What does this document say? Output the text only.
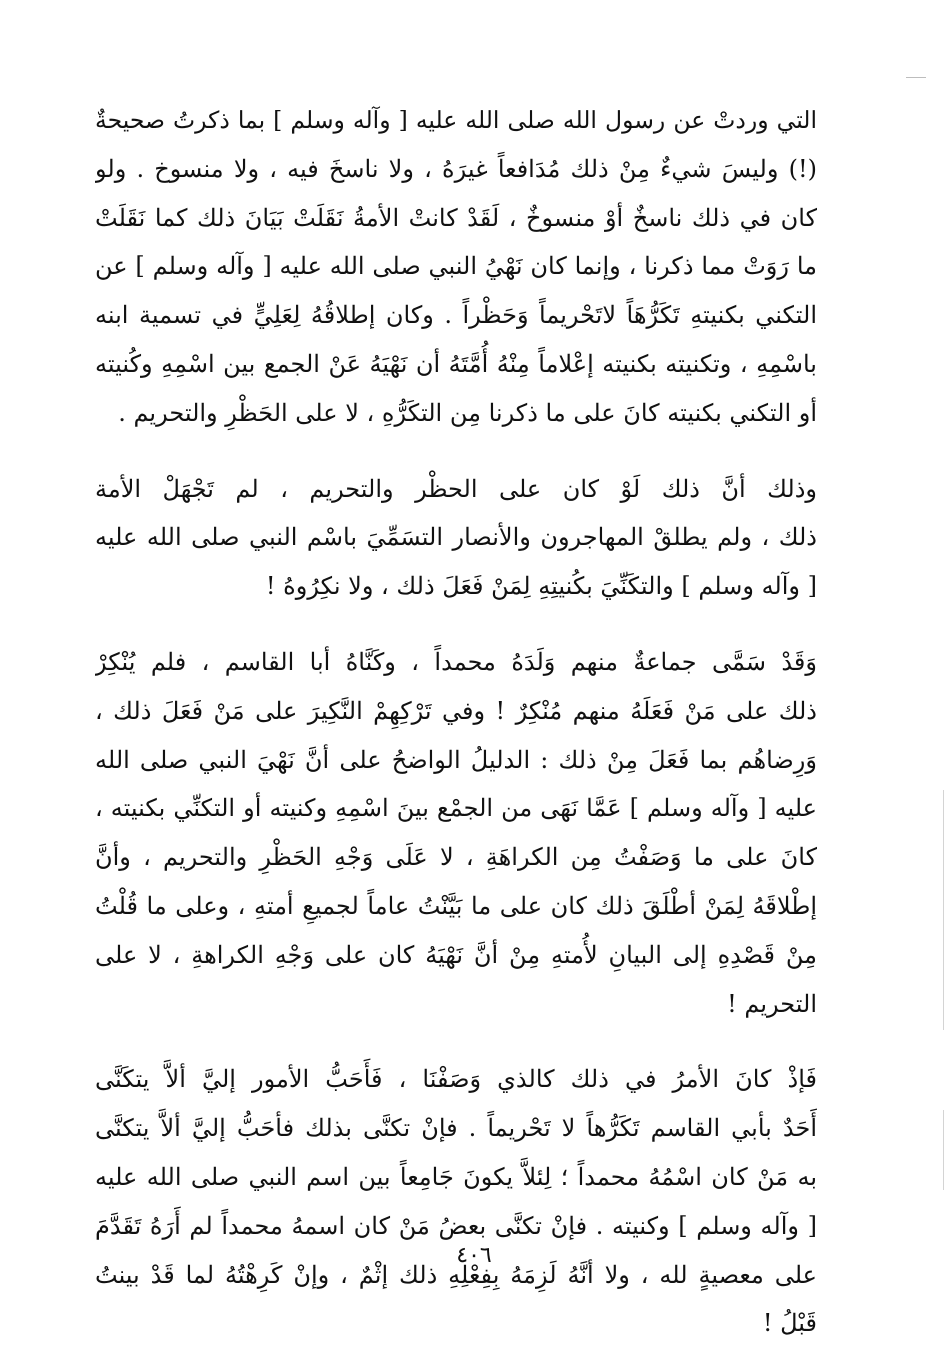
التي وردتْ عن رسول الله صلى الله عليه [ وآله وسلم ] بما ذكرتُ صحيحةٌ
(!) وليسَ شيءٌ مِنْ ذلك مُدَافعاً غيرَهُ ، ولا ناسخَ فيه ، ولا منسوخ . ولو
كان في ذلك ناسخٌ أوْ منسوخٌ ، لَقَدْ كانتْ الأمةُ نَقَلَتْ بَيَانَ ذلك كما نَقَلَتْ
ما رَوَتْ مما ذكرنا ، وإنما كان نَهْيُ النبي صلى الله عليه [ وآله وسلم ] عن
التكني بكنيتهِ تَكَرُّهَاً لاتَحْريماً وَحَظْراً . وكان إطلاقُهُ لِعَلِيٍّ في تسمية ابنه
باسْمِهِ ، وتكنيته بكنيته إعْلاماً مِنْهُ أُمَّتَهُ أن نَهْيَهُ عَنْ الجمع بين اسْمِهِ وكُنيته
أو التكني بكنيته كانَ على ما ذكرنا مِن التكَرُّهِ ، لا على الحَظْرِ والتحريم .
وذلك أنَّ ذلك لَوْ كان على الحظْر والتحريم ، لم تَجْهَلْ الأمة
ذلك ، ولم يطلقْ المهاجرون والأنصار التسَمِّيَ باسْم النبي صلى الله عليه
[ وآله وسلم ] والتكَنِّيَ بكُنيتِهِ لِمَنْ فَعَلَ ذلك ، ولا نكِرُوهُ !
وَقَدْ سَمَّى جماعةٌ منهم وَلَدَهُ محمداً ، وكَنَّاهُ أبا القاسم ، فلم يُنْكِرْ
ذلك على مَنْ فَعَلَهُ منهم مُنْكِرٌ ! وفي تَرْكِهِمْ النَّكِيرَ على مَنْ فَعَلَ ذلك ،
وَرِضاهُم بما فَعَلَ مِنْ ذلك : الدليلُ الواضحُ على أنَّ نَهْيَ النبي صلى الله
عليه [ وآله وسلم ] عَمَّا نَهَى من الجمْع بينَ اسْمِهِ وكنيته أو التكنِّي بكنيته ،
كانَ على ما وَصَفْتُ مِن الكراهَةِ ، لا عَلَى وَجْهِ الحَظْرِ والتحريم ، وأنَّ
إطْلاقَهُ لِمَنْ أطْلَقَ ذلك كان على ما بَيَّنْتُ عاماً لجميعِ أمتهِ ، وعلى ما قُلْتُ
مِنْ قَصْدِهِ إلى البيانِ لأُمتهِ مِنْ أنَّ نَهْيَهُ كان على وَجْهِ الكراهةِ ، لا على
التحريم !
فَإذْ كانَ الأمرُ في ذلك كالذي وَصَفْنَا ، فَأَحَبُّ الأمور إليَّ ألاَّ يتكَنَّى
أَحَدٌ بأبي القاسم تَكَرُّهاً لا تَحْريماً . فإنْ تكنَّى بذلك فأحَبُّ إليَّ ألاَّ يتكنَّى
به مَنْ كان اسْمُهُ محمداً ؛ لِئلاَّ يكونَ جَامِعاً بين اسم النبي صلى الله عليه
[ وآله وسلم ] وكنيته . فإنْ تكنَّى بعضُ مَنْ كان اسمهُ محمداً لم أَرَهُ تَقَدَّمَ
على معصيةٍ لله ، ولا أنَّهُ لَزِمَهُ بِفِعْلِهِ ذلك إثْمٌ ، وإنْ كَرِهْتُهُ لما قَدْ بينتُ
قَبْلُ !
٤٠٦
